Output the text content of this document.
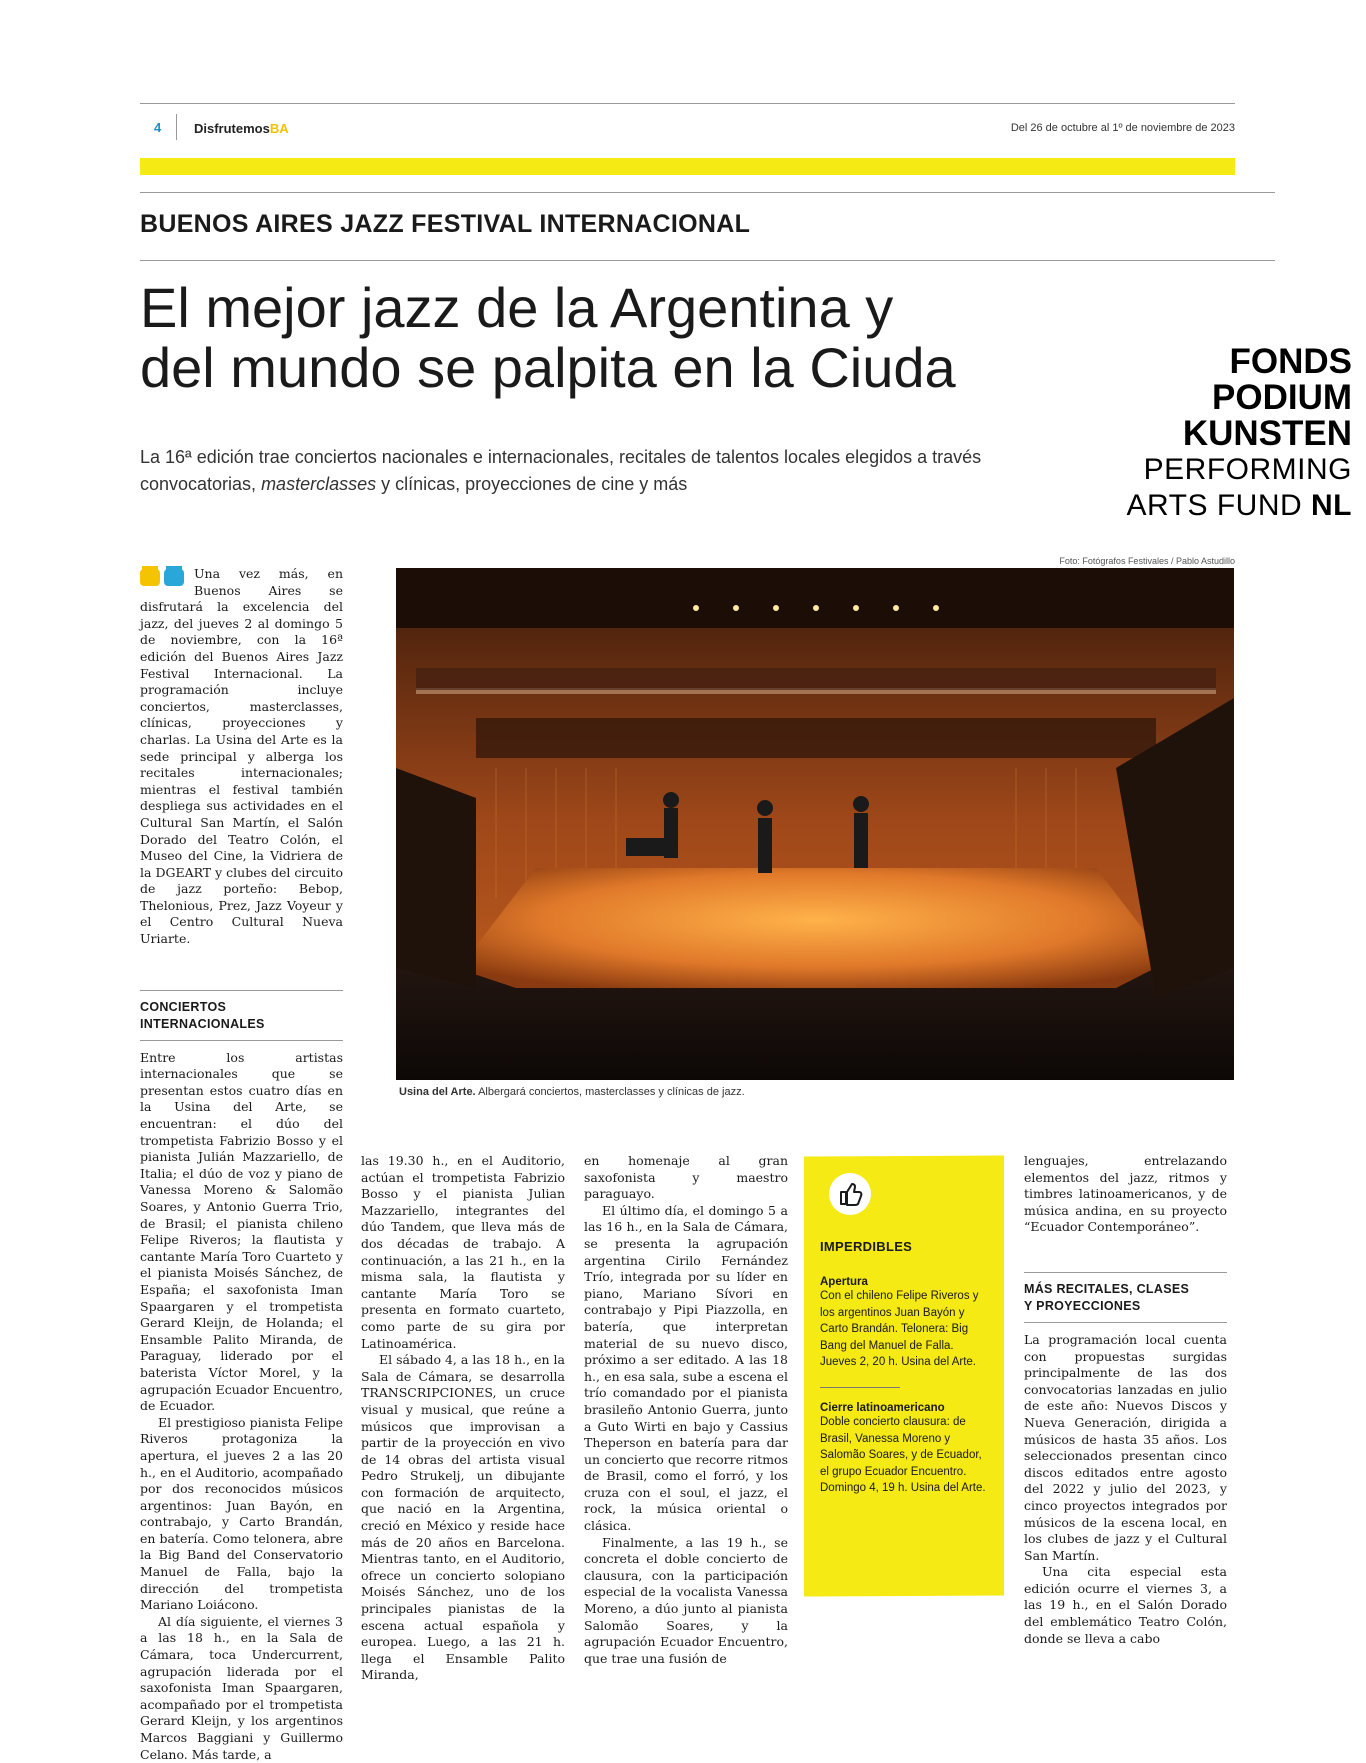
4	DisfrutemosBA	Del 26 de octubre al 1º de noviembre de 2023
BUENOS AIRES JAZZ FESTIVAL INTERNACIONAL
El mejor jazz de la Argentina y
del mundo se palpita en la Ciuda
La 16ª edición trae conciertos nacionales e internacionales, recitales de talentos locales elegidos a través convocatorias, masterclasses y clínicas, proyecciones de cine y más
FONDS
PODIUM
KUNSTEN
PERFORMING
ARTS FUND NL
Foto: Fotógrafos Festivales / Pablo Astudillo
Usina del Arte. Albergará conciertos, masterclasses y clínicas de jazz.

Una vez más, en Buenos Aires se disfrutará la excelencia del jazz, del jueves 2 al domingo 5 de noviembre, con la 16ª edición del Buenos Aires Jazz Festival Internacional. La programación incluye conciertos, masterclasses, clínicas, proyecciones y charlas. La Usina del Arte es la sede principal y alberga los recitales internacionales; mientras el festival también despliega sus actividades en el Cultural San Martín, el Salón Dorado del Teatro Colón, el Museo del Cine, la Vidriera de la DGEART y clubes del circuito de jazz porteño: Bebop, Thelonious, Prez, Jazz Voyeur y el Centro Cultural Nueva Uriarte.

CONCIERTOS
INTERNACIONALES

Entre los artistas internacionales que se presentan estos cuatro días en la Usina del Arte, se encuentran: el dúo del trompetista Fabrizio Bosso y el pianista Julián Mazzariello, de Italia; el dúo de voz y piano de Vanessa Moreno & Salomão Soares, y Antonio Guerra Trio, de Brasil; el pianista chileno Felipe Riveros; la flautista y cantante María Toro Cuarteto y el pianista Moisés Sánchez, de España; el saxofonista Iman Spaargaren y el trompetista Gerard Kleijn, de Holanda; el Ensamble Palito Miranda, de Paraguay, liderado por el baterista Víctor Morel, y la agrupación Ecuador Encuentro, de Ecuador.

El prestigioso pianista Felipe Riveros protagoniza la apertura, el jueves 2 a las 20 h., en el Auditorio, acompañado por dos reconocidos músicos argentinos: Juan Bayón, en contrabajo, y Carto Brandán, en batería. Como telonera, abre la Big Band del Conservatorio Manuel de Falla, bajo la dirección del trompetista Mariano Loiácono.

Al día siguiente, el viernes 3 a las 18 h., en la Sala de Cámara, toca Undercurrent, agrupación liderada por el saxofonista Iman Spaargaren, acompañado por el trompetista Gerard Kleijn, y los argentinos Marcos Baggiani y Guillermo Celano. Más tarde, a

las 19.30 h., en el Auditorio, actúan el trompetista Fabrizio Bosso y el pianista Julian Mazzariello, integrantes del dúo Tandem, que lleva más de dos décadas de trabajo. A continuación, a las 21 h., en la misma sala, la flautista y cantante María Toro se presenta en formato cuarteto, como parte de su gira por Latinoamérica.

El sábado 4, a las 18 h., en la Sala de Cámara, se desarrolla TRANSCRIPCIONES, un cruce visual y musical, que reúne a músicos que improvisan a partir de la proyección en vivo de 14 obras del artista visual Pedro Strukelj, un dibujante con formación de arquitecto, que nació en la Argentina, creció en México y reside hace más de 20 años en Barcelona. Mientras tanto, en el Auditorio, ofrece un concierto solopiano Moisés Sánchez, uno de los principales pianistas de la escena actual española y europea. Luego, a las 21 h. llega el Ensamble Palito Miranda,

en homenaje al gran saxofonista y maestro paraguayo.

El último día, el domingo 5 a las 16 h., en la Sala de Cámara, se presenta la agrupación argentina Cirilo Fernández Trío, integrada por su líder en piano, Mariano Sívori en contrabajo y Pipi Piazzolla, en batería, que interpretan material de su nuevo disco, próximo a ser editado. A las 18 h., en esa sala, sube a escena el trío comandado por el pianista brasileño Antonio Guerra, junto a Guto Wirti en bajo y Cassius Theperson en batería para dar un concierto que recorre ritmos de Brasil, como el forró, y los cruza con el soul, el jazz, el rock, la música oriental o clásica.

Finalmente, a las 19 h., se concreta el doble concierto de clausura, con la participación especial de la vocalista Vanessa Moreno, a dúo junto al pianista Salomão Soares, y la agrupación Ecuador Encuentro, que trae una fusión de

IMPERDIBLES
Apertura
Con el chileno Felipe Riveros y los argentinos Juan Bayón y Carto Brandán. Telonera: Big Bang del Manuel de Falla. Jueves 2, 20 h. Usina del Arte.
Cierre latinoamericano
Doble concierto clausura: de Brasil, Vanessa Moreno y Salomão Soares, y de Ecuador, el grupo Ecuador Encuentro. Domingo 4, 19 h. Usina del Arte.

lenguajes, entrelazando elementos del jazz, ritmos y timbres latinoamericanos, y de música andina, en su proyecto “Ecuador Contemporáneo”.

MÁS RECITALES, CLASES
Y PROYECCIONES

La programación local cuenta con propuestas surgidas principalmente de las dos convocatorias lanzadas en julio de este año: Nuevos Discos y Nueva Generación, dirigida a músicos de hasta 35 años. Los seleccionados presentan cinco discos editados entre agosto del 2022 y julio del 2023, y cinco proyectos integrados por músicos de la escena local, en los clubes de jazz y el Cultural San Martín.

Una cita especial esta edición ocurre el viernes 3, a las 19 h., en el Salón Dorado del emblemático Teatro Colón, donde se lleva a cabo
